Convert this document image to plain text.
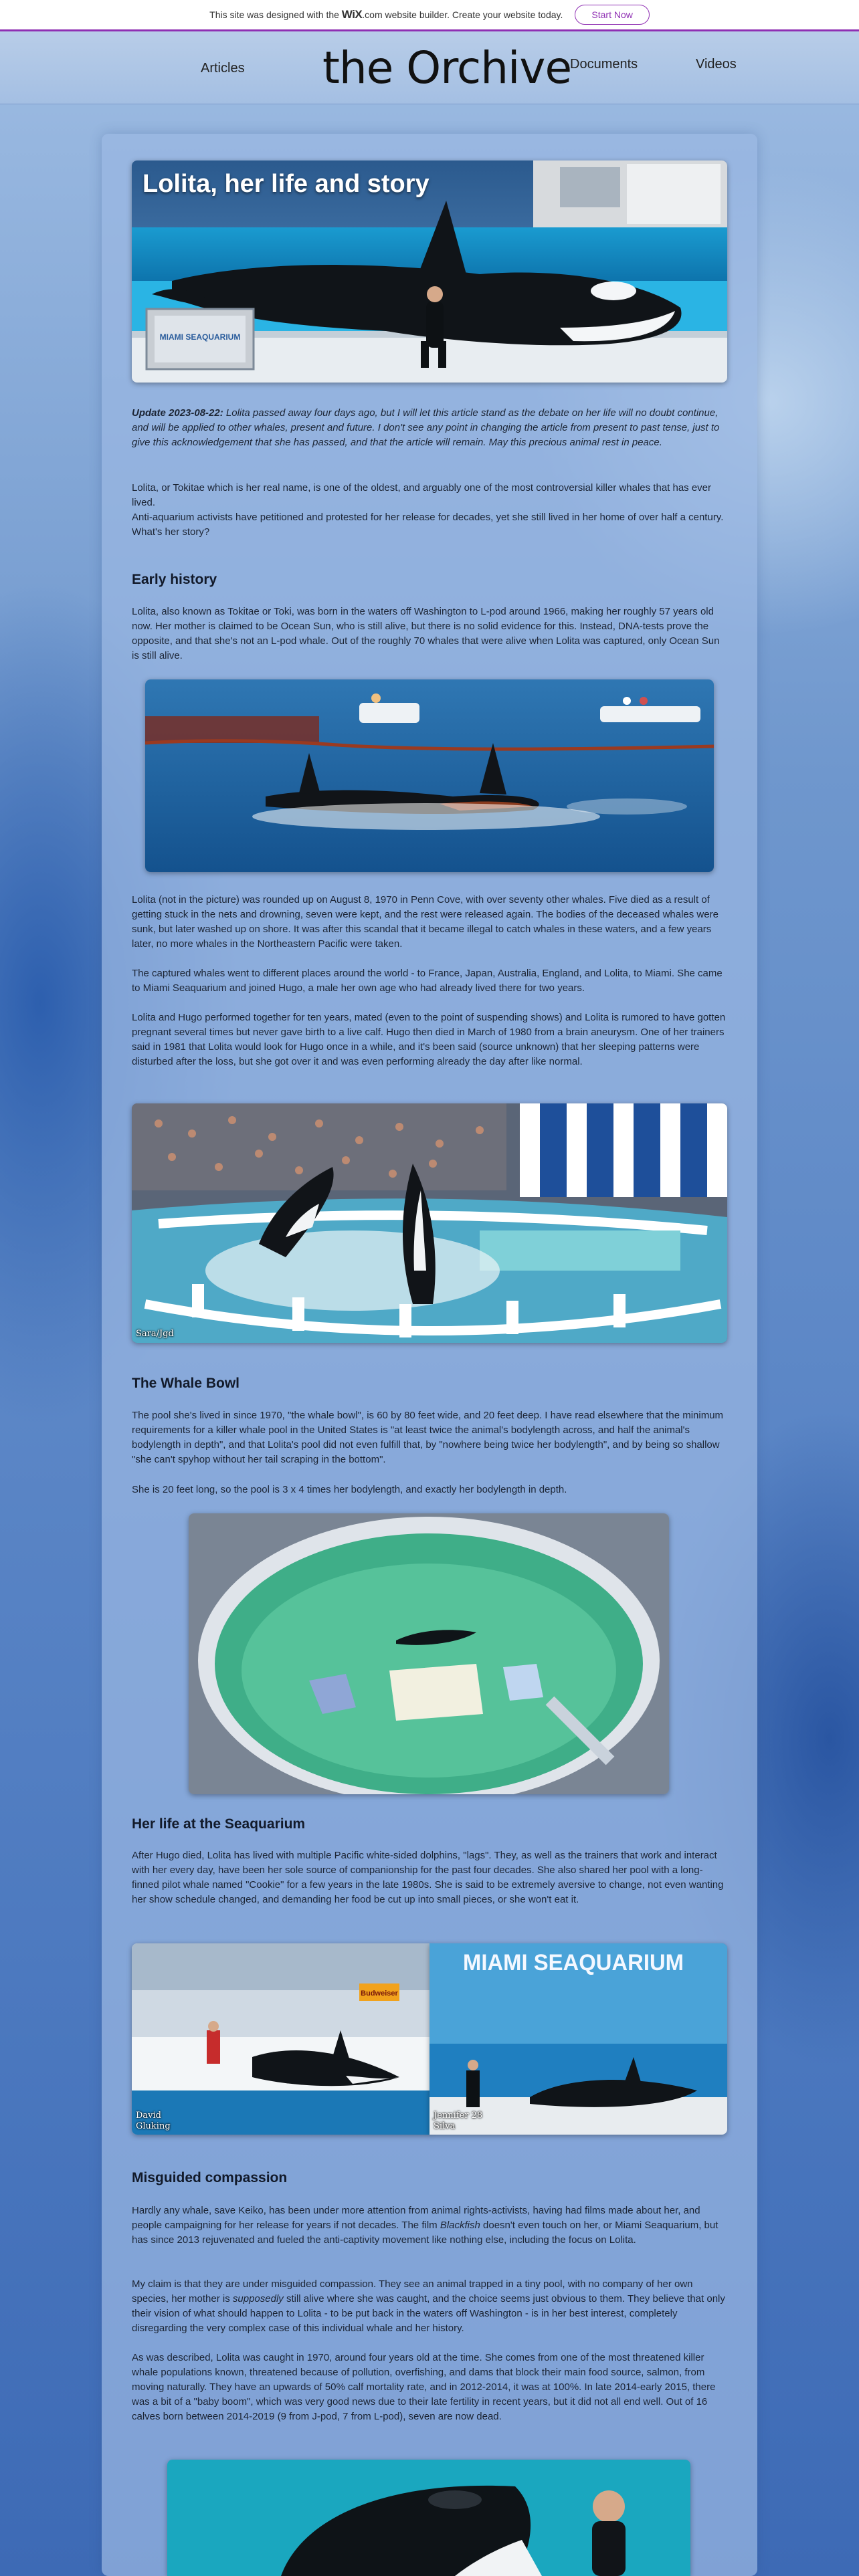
This site was designed with the WiX.com website builder. Create your website today.	Start Now
Articles the Orchive
Documents	Videos
MIAMI SEAQUARIUM
Lolita, her life and story

Update 2023-08-22: Lolita passed away four days ago, but I will let this article stand as the debate on her life will no doubt continue, and will be applied to other whales, present and future. I don't see any point in changing the article from present to past tense, just to give this acknowledgement that she has passed, and that the article will remain. May this precious animal rest in peace.

Lolita, or Tokitae which is her real name, is one of the oldest, and arguably one of the most controversial killer whales that has ever lived.

Anti-aquarium activists have petitioned and protested for her release for decades, yet she still lived in her home of over half a century.

What's her story?

Early history

Lolita, also known as Tokitae or Toki, was born in the waters off Washington to L-pod around 1966, making her roughly 57 years old now. Her mother is claimed to be Ocean Sun, who is still alive, but there is no solid evidence for this. Instead, DNA-tests prove the opposite, and that she's not an L-pod whale. Out of the roughly 70 whales that were alive when Lolita was captured, only Ocean Sun is still alive.

Lolita (not in the picture) was rounded up on August 8, 1970 in Penn Cove, with over seventy other whales. Five died as a result of getting stuck in the nets and drowning, seven were kept, and the rest were released again. The bodies of the deceased whales were sunk, but later washed up on shore. It was after this scandal that it became illegal to catch whales in these waters, and a few years later, no more whales in the Northeastern Pacific were taken.

The captured whales went to different places around the world - to France, Japan, Australia, England, and Lolita, to Miami. She came to Miami Seaquarium and joined Hugo, a male her own age who had already lived there for two years.

Lolita and Hugo performed together for ten years, mated (even to the point of suspending shows) and Lolita is rumored to have gotten pregnant several times but never gave birth to a live calf. Hugo then died in March of 1980 from a brain aneurysm. One of her trainers said in 1981 that Lolita would look for Hugo once in a while, and it's been said (source unknown) that her sleeping patterns were disturbed after the loss, but she got over it and was even performing already the day after like normal.

Sara/Jgd
The Whale Bowl

The pool she's lived in since 1970, "the whale bowl", is 60 by 80 feet wide, and 20 feet deep. I have read elsewhere that the minimum requirements for a killer whale pool in the United States is "at least twice the animal's bodylength across, and half the animal's bodylength in depth", and that Lolita's pool did not even fulfill that, by "nowhere being twice her bodylength", and by being so shallow "she can't spyhop without her tail scraping in the bottom".

She is 20 feet long, so the pool is 3 x 4 times her bodylength, and exactly her bodylength in depth.

Her life at the Seaquarium

After Hugo died, Lolita has lived with multiple Pacific white-sided dolphins, "lags". They, as well as the trainers that work and interact with her every day, have been her sole source of companionship for the past four decades. She also shared her pool with a long-finned pilot whale named "Cookie" for a few years in the late 1980s. She is said to be extremely aversive to change, not even wanting her show schedule changed, and demanding her food be cut up into small pieces, or she won't eat it.

Budweiser
David
Gluking
MIAMI SEAQUARIUM
Jennifer 28
Silva
Misguided compassion

Hardly any whale, save Keiko, has been under more attention from animal rights-activists, having had films made about her, and people campaigning for her release for years if not decades. The film Blackfish doesn't even touch on her, or Miami Seaquarium, but has since 2013 rejuvenated and fueled the anti-captivity movement like nothing else, including the focus on Lolita.

My claim is that they are under misguided compassion. They see an animal trapped in a tiny pool, with no company of her own species, her mother is supposedly still alive where she was caught, and the choice seems just obvious to them. They believe that only their vision of what should happen to Lolita - to be put back in the waters off Washington - is in her best interest, completely disregarding the very complex case of this individual whale and her history.

As was described, Lolita was caught in 1970, around four years old at the time. She comes from one of the most threatened killer whale populations known, threatened because of pollution, overfishing, and dams that block their main food source, salmon, from moving naturally. They have an upwards of 50% calf mortality rate, and in 2012-2014, it was at 100%. In late 2014-early 2015, there was a bit of a "baby boom", which was very good news due to their late fertility in recent years, but it did not all end well. Out of 16 calves born between 2014-2019 (9 from J-pod, 7 from L-pod), seven are now dead.
